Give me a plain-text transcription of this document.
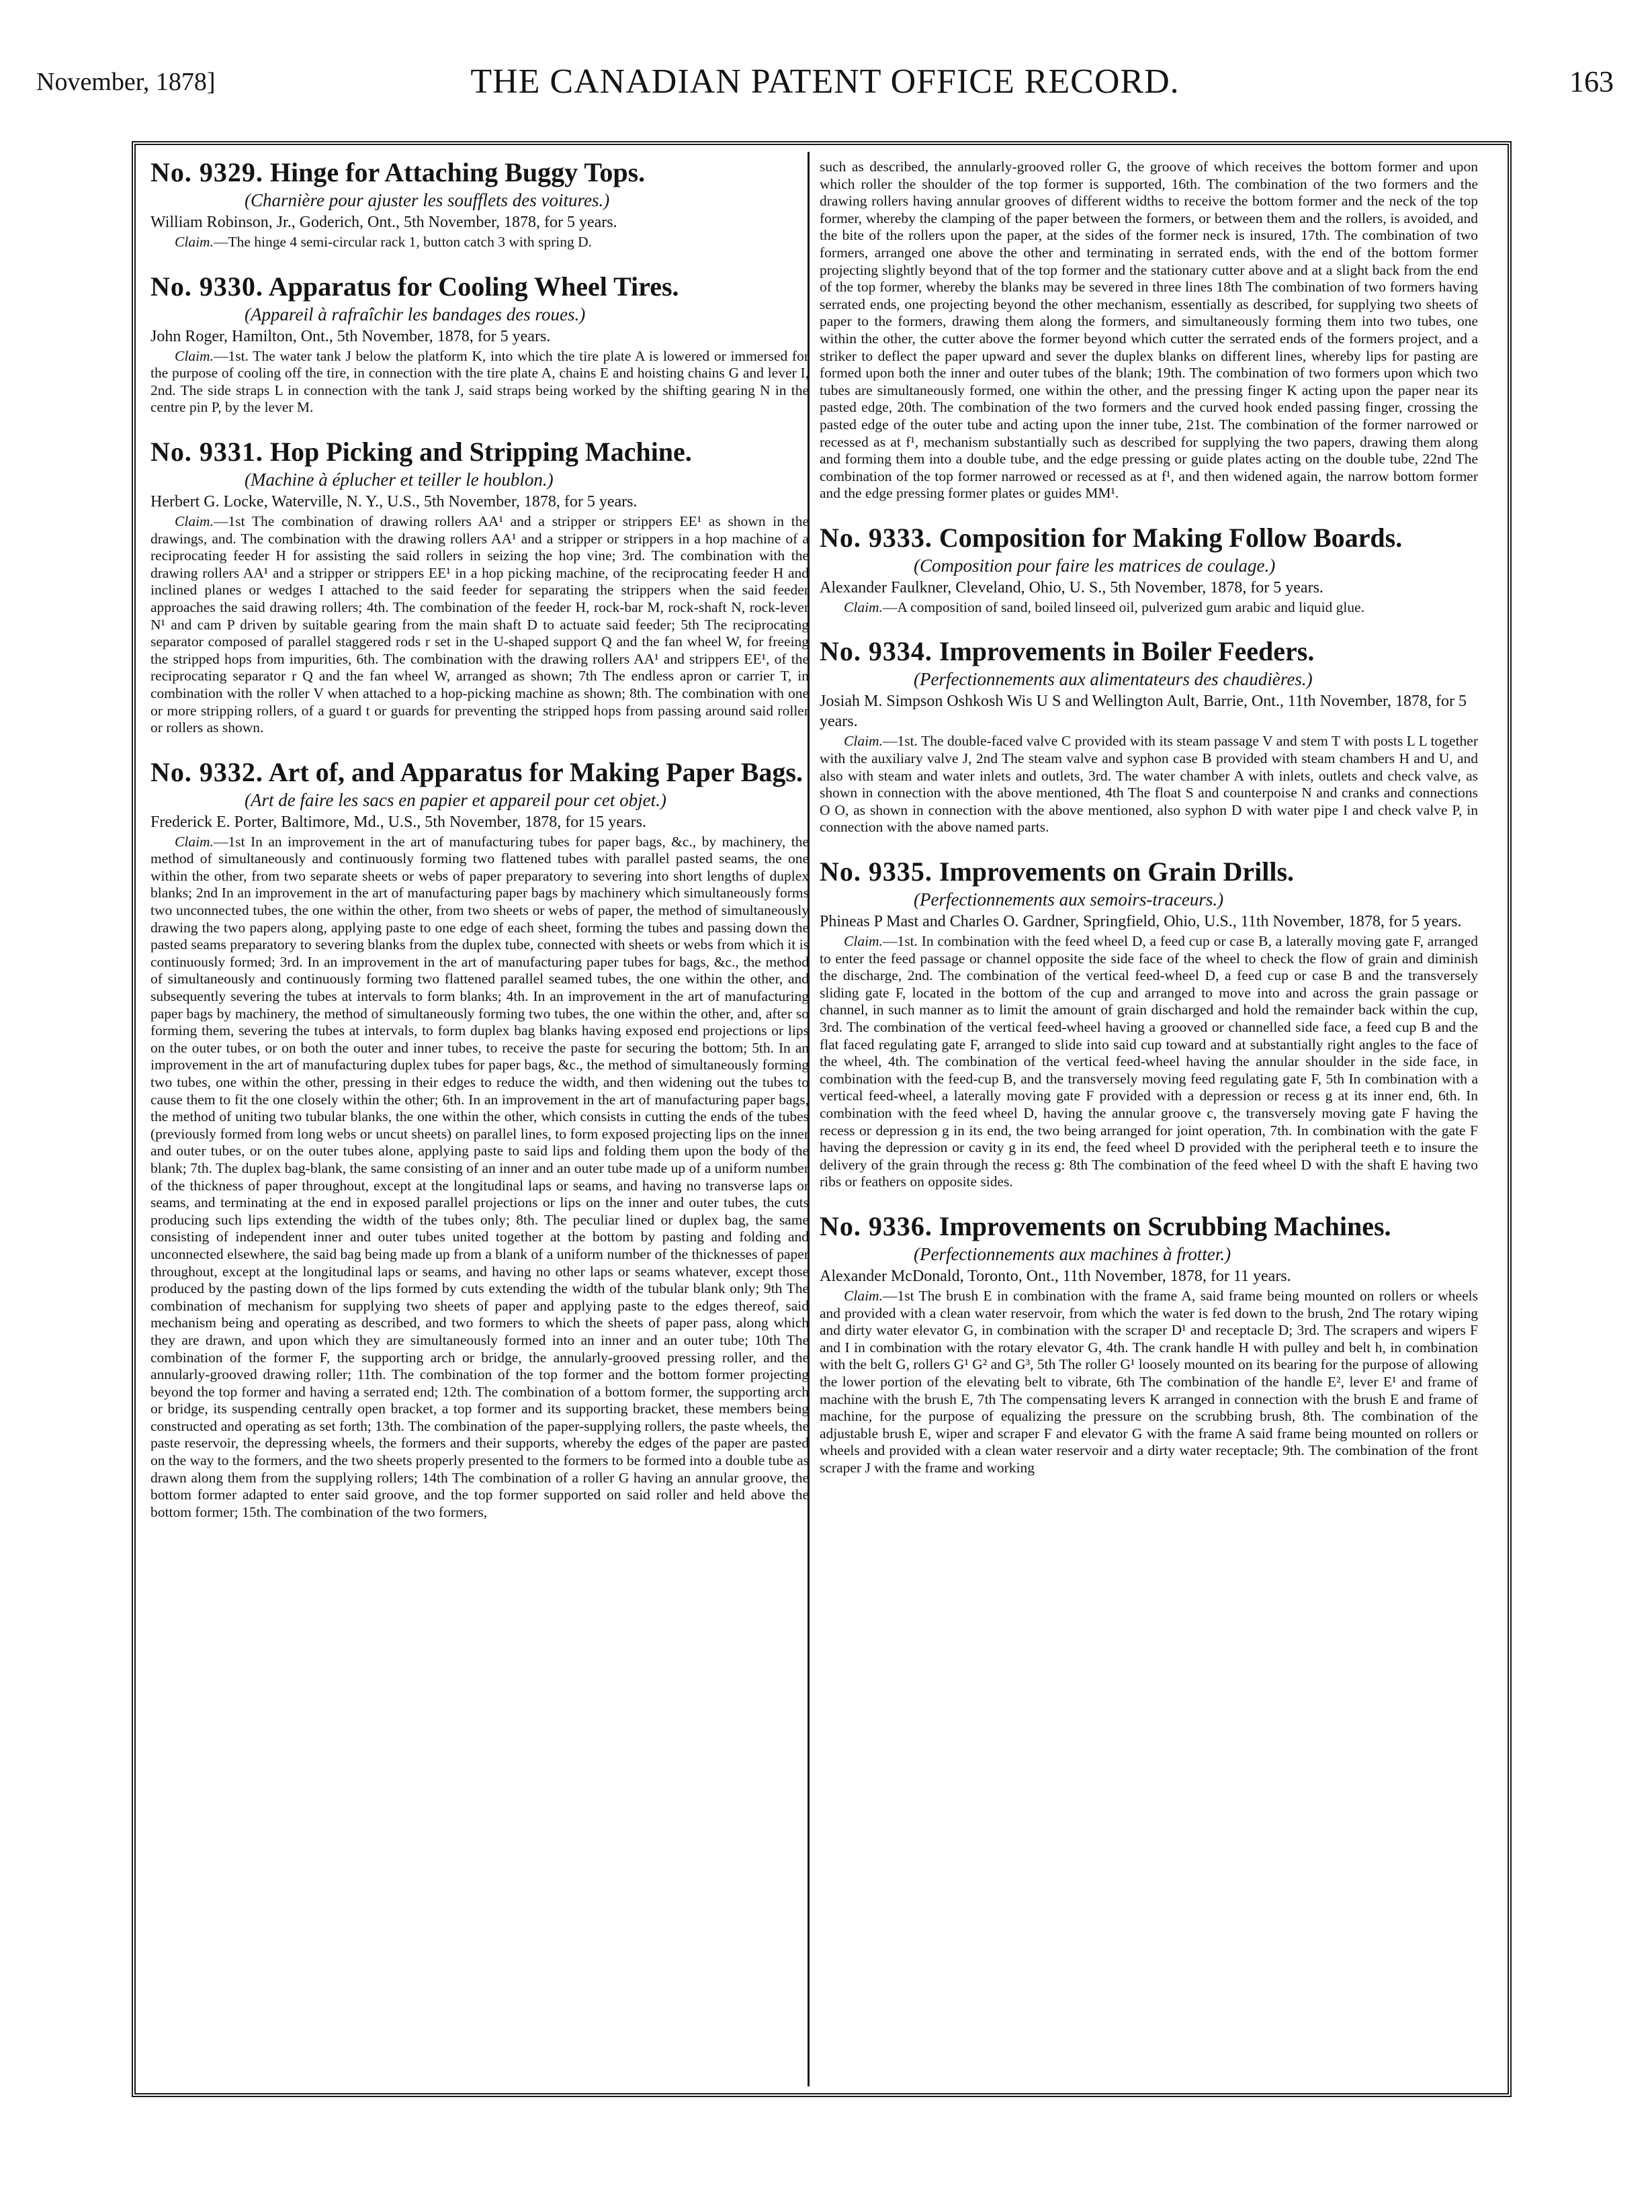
November, 1878]	THE CANADIAN PATENT OFFICE RECORD.	163
No. 9329. Hinge for Attaching Buggy Tops.
(Charnière pour ajuster les soufflets des voitures.)
William Robinson, Jr., Goderich, Ont., 5th November, 1878, for 5 years.
Claim.—The hinge 4 semi-circular rack 1, button catch 3 with spring D.
No. 9330. Apparatus for Cooling Wheel Tires.
(Appareil à rafraîchir les bandages des roues.)
John Roger, Hamilton, Ont., 5th November, 1878, for 5 years.
Claim.—1st. The water tank J below the platform K, into which the tire plate A is lowered or immersed for the purpose of cooling off the tire, in connection with the tire plate A, chains E and hoisting chains G and lever I, 2nd. The side straps L in connection with the tank J, said straps being worked by the shifting gearing N in the centre pin P, by the lever M.
No. 9331. Hop Picking and Stripping Machine.
(Machine à éplucher et teiller le houblon.)
Herbert G. Locke, Waterville, N. Y., U.S., 5th November, 1878, for 5 years.
Claim.—1st The combination of drawing rollers AA¹ and a stripper or strippers EE¹ as shown in the drawings, and. The combination with the drawing rollers AA¹ and a stripper or strippers in a hop machine of a reciprocating feeder H for assisting the said rollers in seizing the hop vine; 3rd. The combination with the drawing rollers AA¹ and a stripper or strippers EE¹ in a hop picking machine, of the reciprocating feeder H and inclined planes or wedges I attached to the said feeder for separating the strippers when the said feeder approaches the said drawing rollers; 4th. The combination of the feeder H, rock-bar M, rock-shaft N, rock-lever N¹ and cam P driven by suitable gearing from the main shaft D to actuate said feeder; 5th The reciprocating separator composed of parallel staggered rods r set in the U-shaped support Q and the fan wheel W, for freeing the stripped hops from impurities, 6th. The combination with the drawing rollers AA¹ and strippers EE¹, of the reciprocating separator r Q and the fan wheel W, arranged as shown; 7th The endless apron or carrier T, in combination with the roller V when attached to a hop-picking machine as shown; 8th. The combination with one or more stripping rollers, of a guard t or guards for preventing the stripped hops from passing around said roller or rollers as shown.
No. 9332. Art of, and Apparatus for Making Paper Bags.
(Art de faire les sacs en papier et appareil pour cet objet.)
Frederick E. Porter, Baltimore, Md., U.S., 5th November, 1878, for 15 years.
Claim.—1st In an improvement in the art of manufacturing tubes for paper bags, &c., by machinery, the method of simultaneously and continuously forming two flattened tubes with parallel pasted seams, the one within the other, from two separate sheets or webs of paper preparatory to severing into short lengths of duplex blanks; 2nd In an improvement in the art of manufacturing paper bags by machinery which simultaneously forms two unconnected tubes, the one within the other, from two sheets or webs of paper, the method of simultaneously drawing the two papers along, applying paste to one edge of each sheet, forming the tubes and passing down the pasted seams preparatory to severing blanks from the duplex tube, connected with sheets or webs from which it is continuously formed; 3rd. In an improvement in the art of manufacturing paper tubes for bags, &c., the method of simultaneously and continuously forming two flattened parallel seamed tubes, the one within the other, and subsequently severing the tubes at intervals to form blanks; 4th. In an improvement in the art of manufacturing paper bags by machinery, the method of simultaneously forming two tubes, the one within the other, and, after so forming them, severing the tubes at intervals, to form duplex bag blanks having exposed end projections or lips on the outer tubes, or on both the outer and inner tubes, to receive the paste for securing the bottom; 5th. In an improvement in the art of manufacturing duplex tubes for paper bags, &c., the method of simultaneously forming two tubes, one within the other, pressing in their edges to reduce the width, and then widening out the tubes to cause them to fit the one closely within the other; 6th. In an improvement in the art of manufacturing paper bags, the method of uniting two tubular blanks, the one within the other, which consists in cutting the ends of the tubes (previously formed from long webs or uncut sheets) on parallel lines, to form exposed projecting lips on the inner and outer tubes, or on the outer tubes alone, applying paste to said lips and folding them upon the body of the blank; 7th. The duplex bag-blank, the same consisting of an inner and an outer tube made up of a uniform number of the thickness of paper throughout, except at the longitudinal laps or seams, and having no transverse laps or seams, and terminating at the end in exposed parallel projections or lips on the inner and outer tubes, the cuts producing such lips extending the width of the tubes only; 8th. The peculiar lined or duplex bag, the same consisting of independent inner and outer tubes united together at the bottom by pasting and folding and unconnected elsewhere, the said bag being made up from a blank of a uniform number of the thicknesses of paper throughout, except at the longitudinal laps or seams, and having no other laps or seams whatever, except those produced by the pasting down of the lips formed by cuts extending the width of the tubular blank only; 9th The combination of mechanism for supplying two sheets of paper and applying paste to the edges thereof, said mechanism being and operating as described, and two formers to which the sheets of paper pass, along which they are drawn, and upon which they are simultaneously formed into an inner and an outer tube; 10th The combination of the former F, the supporting arch or bridge, the annularly-grooved pressing roller, and the annularly-grooved drawing roller; 11th. The combination of the top former and the bottom former projecting beyond the top former and having a serrated end; 12th. The combination of a bottom former, the supporting arch or bridge, its suspending centrally open bracket, a top former and its supporting bracket, these members being constructed and operating as set forth; 13th. The combination of the paper-supplying rollers, the paste wheels, the paste reservoir, the depressing wheels, the formers and their supports, whereby the edges of the paper are pasted on the way to the formers, and the two sheets properly presented to the formers to be formed into a double tube as drawn along them from the supplying rollers; 14th The combination of a roller G having an annular groove, the bottom former adapted to enter said groove, and the top former supported on said roller and held above the bottom former; 15th. The combination of the two formers,
such as described, the annularly-grooved roller G, the groove of which receives the bottom former and upon which roller the shoulder of the top former is supported, 16th. The combination of the two formers and the drawing rollers having annular grooves of different widths to receive the bottom former and the neck of the top former, whereby the clamping of the paper between the formers, or between them and the rollers, is avoided, and the bite of the rollers upon the paper, at the sides of the former neck is insured, 17th. The combination of two formers, arranged one above the other and terminating in serrated ends, with the end of the bottom former projecting slightly beyond that of the top former and the stationary cutter above and at a slight back from the end of the top former, whereby the blanks may be severed in three lines 18th The combination of two formers having serrated ends, one projecting beyond the other mechanism, essentially as described, for supplying two sheets of paper to the formers, drawing them along the formers, and simultaneously forming them into two tubes, one within the other, the cutter above the former beyond which cutter the serrated ends of the formers project, and a striker to deflect the paper upward and sever the duplex blanks on different lines, whereby lips for pasting are formed upon both the inner and outer tubes of the blank; 19th. The combination of two formers upon which two tubes are simultaneously formed, one within the other, and the pressing finger K acting upon the paper near its pasted edge, 20th. The combination of the two formers and the curved hook ended passing finger, crossing the pasted edge of the outer tube and acting upon the inner tube, 21st. The combination of the former narrowed or recessed as at f¹, mechanism substantially such as described for supplying the two papers, drawing them along and forming them into a double tube, and the edge pressing or guide plates acting on the double tube, 22nd The combination of the top former narrowed or recessed as at f¹, and then widened again, the narrow bottom former and the edge pressing former plates or guides MM¹.
No. 9333. Composition for Making Follow Boards.
(Composition pour faire les matrices de coulage.)
Alexander Faulkner, Cleveland, Ohio, U. S., 5th November, 1878, for 5 years.
Claim.—A composition of sand, boiled linseed oil, pulverized gum arabic and liquid glue.
No. 9334. Improvements in Boiler Feeders.
(Perfectionnements aux alimentateurs des chaudières.)
Josiah M. Simpson Oshkosh Wis U S and Wellington Ault, Barrie, Ont., 11th November, 1878, for 5 years.
Claim.—1st. The double-faced valve C provided with its steam passage V and stem T with posts L L together with the auxiliary valve J, 2nd The steam valve and syphon case B provided with steam chambers H and U, and also with steam and water inlets and outlets, 3rd. The water chamber A with inlets, outlets and check valve, as shown in connection with the above mentioned, 4th The float S and counterpoise N and cranks and connections O O, as shown in connection with the above mentioned, also syphon D with water pipe I and check valve P, in connection with the above named parts.
No. 9335. Improvements on Grain Drills.
(Perfectionnements aux semoirs-traceurs.)
Phineas P Mast and Charles O. Gardner, Springfield, Ohio, U.S., 11th November, 1878, for 5 years.
Claim.—1st. In combination with the feed wheel D, a feed cup or case B, a laterally moving gate F, arranged to enter the feed passage or channel opposite the side face of the wheel to check the flow of grain and diminish the discharge, 2nd. The combination of the vertical feed-wheel D, a feed cup or case B and the transversely sliding gate F, located in the bottom of the cup and arranged to move into and across the grain passage or channel, in such manner as to limit the amount of grain discharged and hold the remainder back within the cup, 3rd. The combination of the vertical feed-wheel having a grooved or channelled side face, a feed cup B and the flat faced regulating gate F, arranged to slide into said cup toward and at substantially right angles to the face of the wheel, 4th. The combination of the vertical feed-wheel having the annular shoulder in the side face, in combination with the feed-cup B, and the transversely moving feed regulating gate F, 5th In combination with a vertical feed-wheel, a laterally moving gate F provided with a depression or recess g at its inner end, 6th. In combination with the feed wheel D, having the annular groove c, the transversely moving gate F having the recess or depression g in its end, the two being arranged for joint operation, 7th. In combination with the gate F having the depression or cavity g in its end, the feed wheel D provided with the peripheral teeth e to insure the delivery of the grain through the recess g: 8th The combination of the feed wheel D with the shaft E having two ribs or feathers on opposite sides.
No. 9336. Improvements on Scrubbing Machines.
(Perfectionnements aux machines à frotter.)
Alexander McDonald, Toronto, Ont., 11th November, 1878, for 11 years.
Claim.—1st The brush E in combination with the frame A, said frame being mounted on rollers or wheels and provided with a clean water reservoir, from which the water is fed down to the brush, 2nd The rotary wiping and dirty water elevator G, in combination with the scraper D¹ and receptacle D; 3rd. The scrapers and wipers F and I in combination with the rotary elevator G, 4th. The crank handle H with pulley and belt h, in combination with the belt G, rollers G¹ G² and G³, 5th The roller G¹ loosely mounted on its bearing for the purpose of allowing the lower portion of the elevating belt to vibrate, 6th The combination of the handle E², lever E¹ and frame of machine with the brush E, 7th The compensating levers K arranged in connection with the brush E and frame of machine, for the purpose of equalizing the pressure on the scrubbing brush, 8th. The combination of the adjustable brush E, wiper and scraper F and elevator G with the frame A said frame being mounted on rollers or wheels and provided with a clean water reservoir and a dirty water receptacle; 9th. The combination of the front scraper J with the frame and working
